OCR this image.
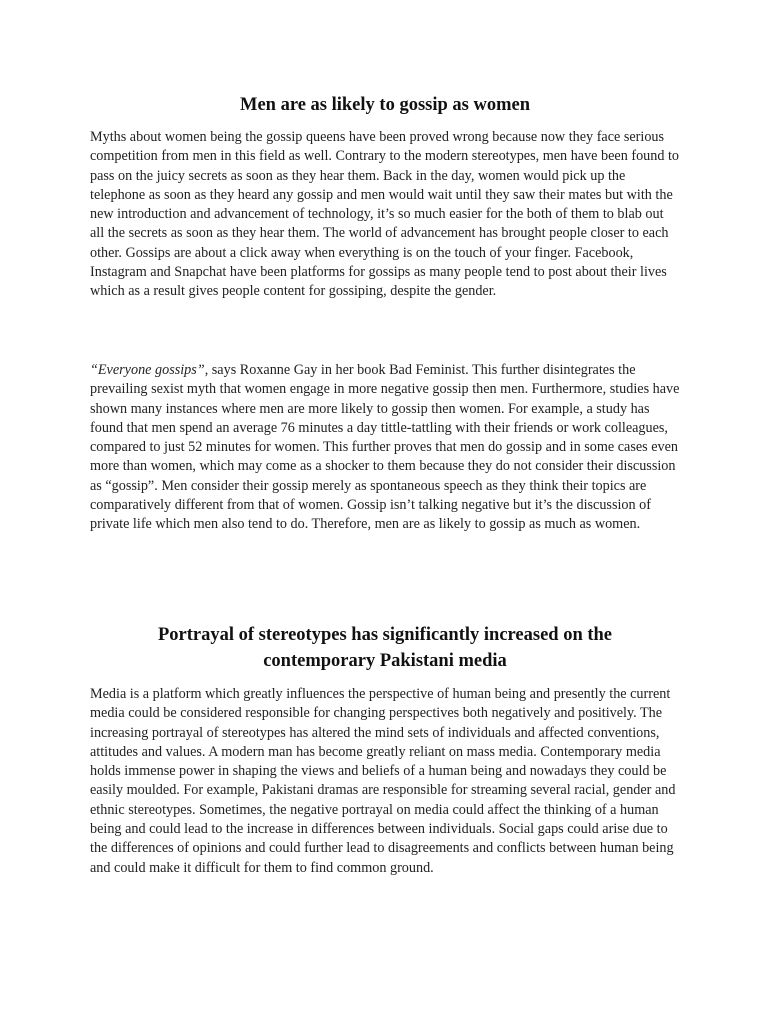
Men are as likely to gossip as women

Myths about women being the gossip queens have been proved wrong because now they face serious competition from men in this field as well. Contrary to the modern stereotypes, men have been found to pass on the juicy secrets as soon as they hear them. Back in the day, women would pick up the telephone as soon as they heard any gossip and men would wait until they saw their mates but with the new introduction and advancement of technology, it’s so much easier for the both of them to blab out all the secrets as soon as they hear them. The world of advancement has brought people closer to each other. Gossips are about a click away when everything is on the touch of your finger. Facebook, Instagram and Snapchat have been platforms for gossips as many people tend to post about their lives which as a result gives people content for gossiping, despite the gender.

“Everyone gossips”, says Roxanne Gay in her book Bad Feminist. This further disintegrates the prevailing sexist myth that women engage in more negative gossip then men. Furthermore, studies have shown many instances where men are more likely to gossip then women. For example, a study has found that men spend an average 76 minutes a day tittle-tattling with their friends or work colleagues, compared to just 52 minutes for women. This further proves that men do gossip and in some cases even more than women, which may come as a shocker to them because they do not consider their discussion as “gossip”. Men consider their gossip merely as spontaneous speech as they think their topics are comparatively different from that of women. Gossip isn’t talking negative but it’s the discussion of private life which men also tend to do. Therefore, men are as likely to gossip as much as women.

Portrayal of stereotypes has significantly increased on the
contemporary Pakistani media

Media is a platform which greatly influences the perspective of human being and presently the current media could be considered responsible for changing perspectives both negatively and positively. The increasing portrayal of stereotypes has altered the mind sets of individuals and affected conventions, attitudes and values. A modern man has become greatly reliant on mass media. Contemporary media holds immense power in shaping the views and beliefs of a human being and nowadays they could be easily moulded. For example, Pakistani dramas are responsible for streaming several racial, gender and ethnic stereotypes. Sometimes, the negative portrayal on media could affect the thinking of a human being and could lead to the increase in differences between individuals. Social gaps could arise due to the differences of opinions and could further lead to disagreements and conflicts between human being and could make it difficult for them to find common ground.
